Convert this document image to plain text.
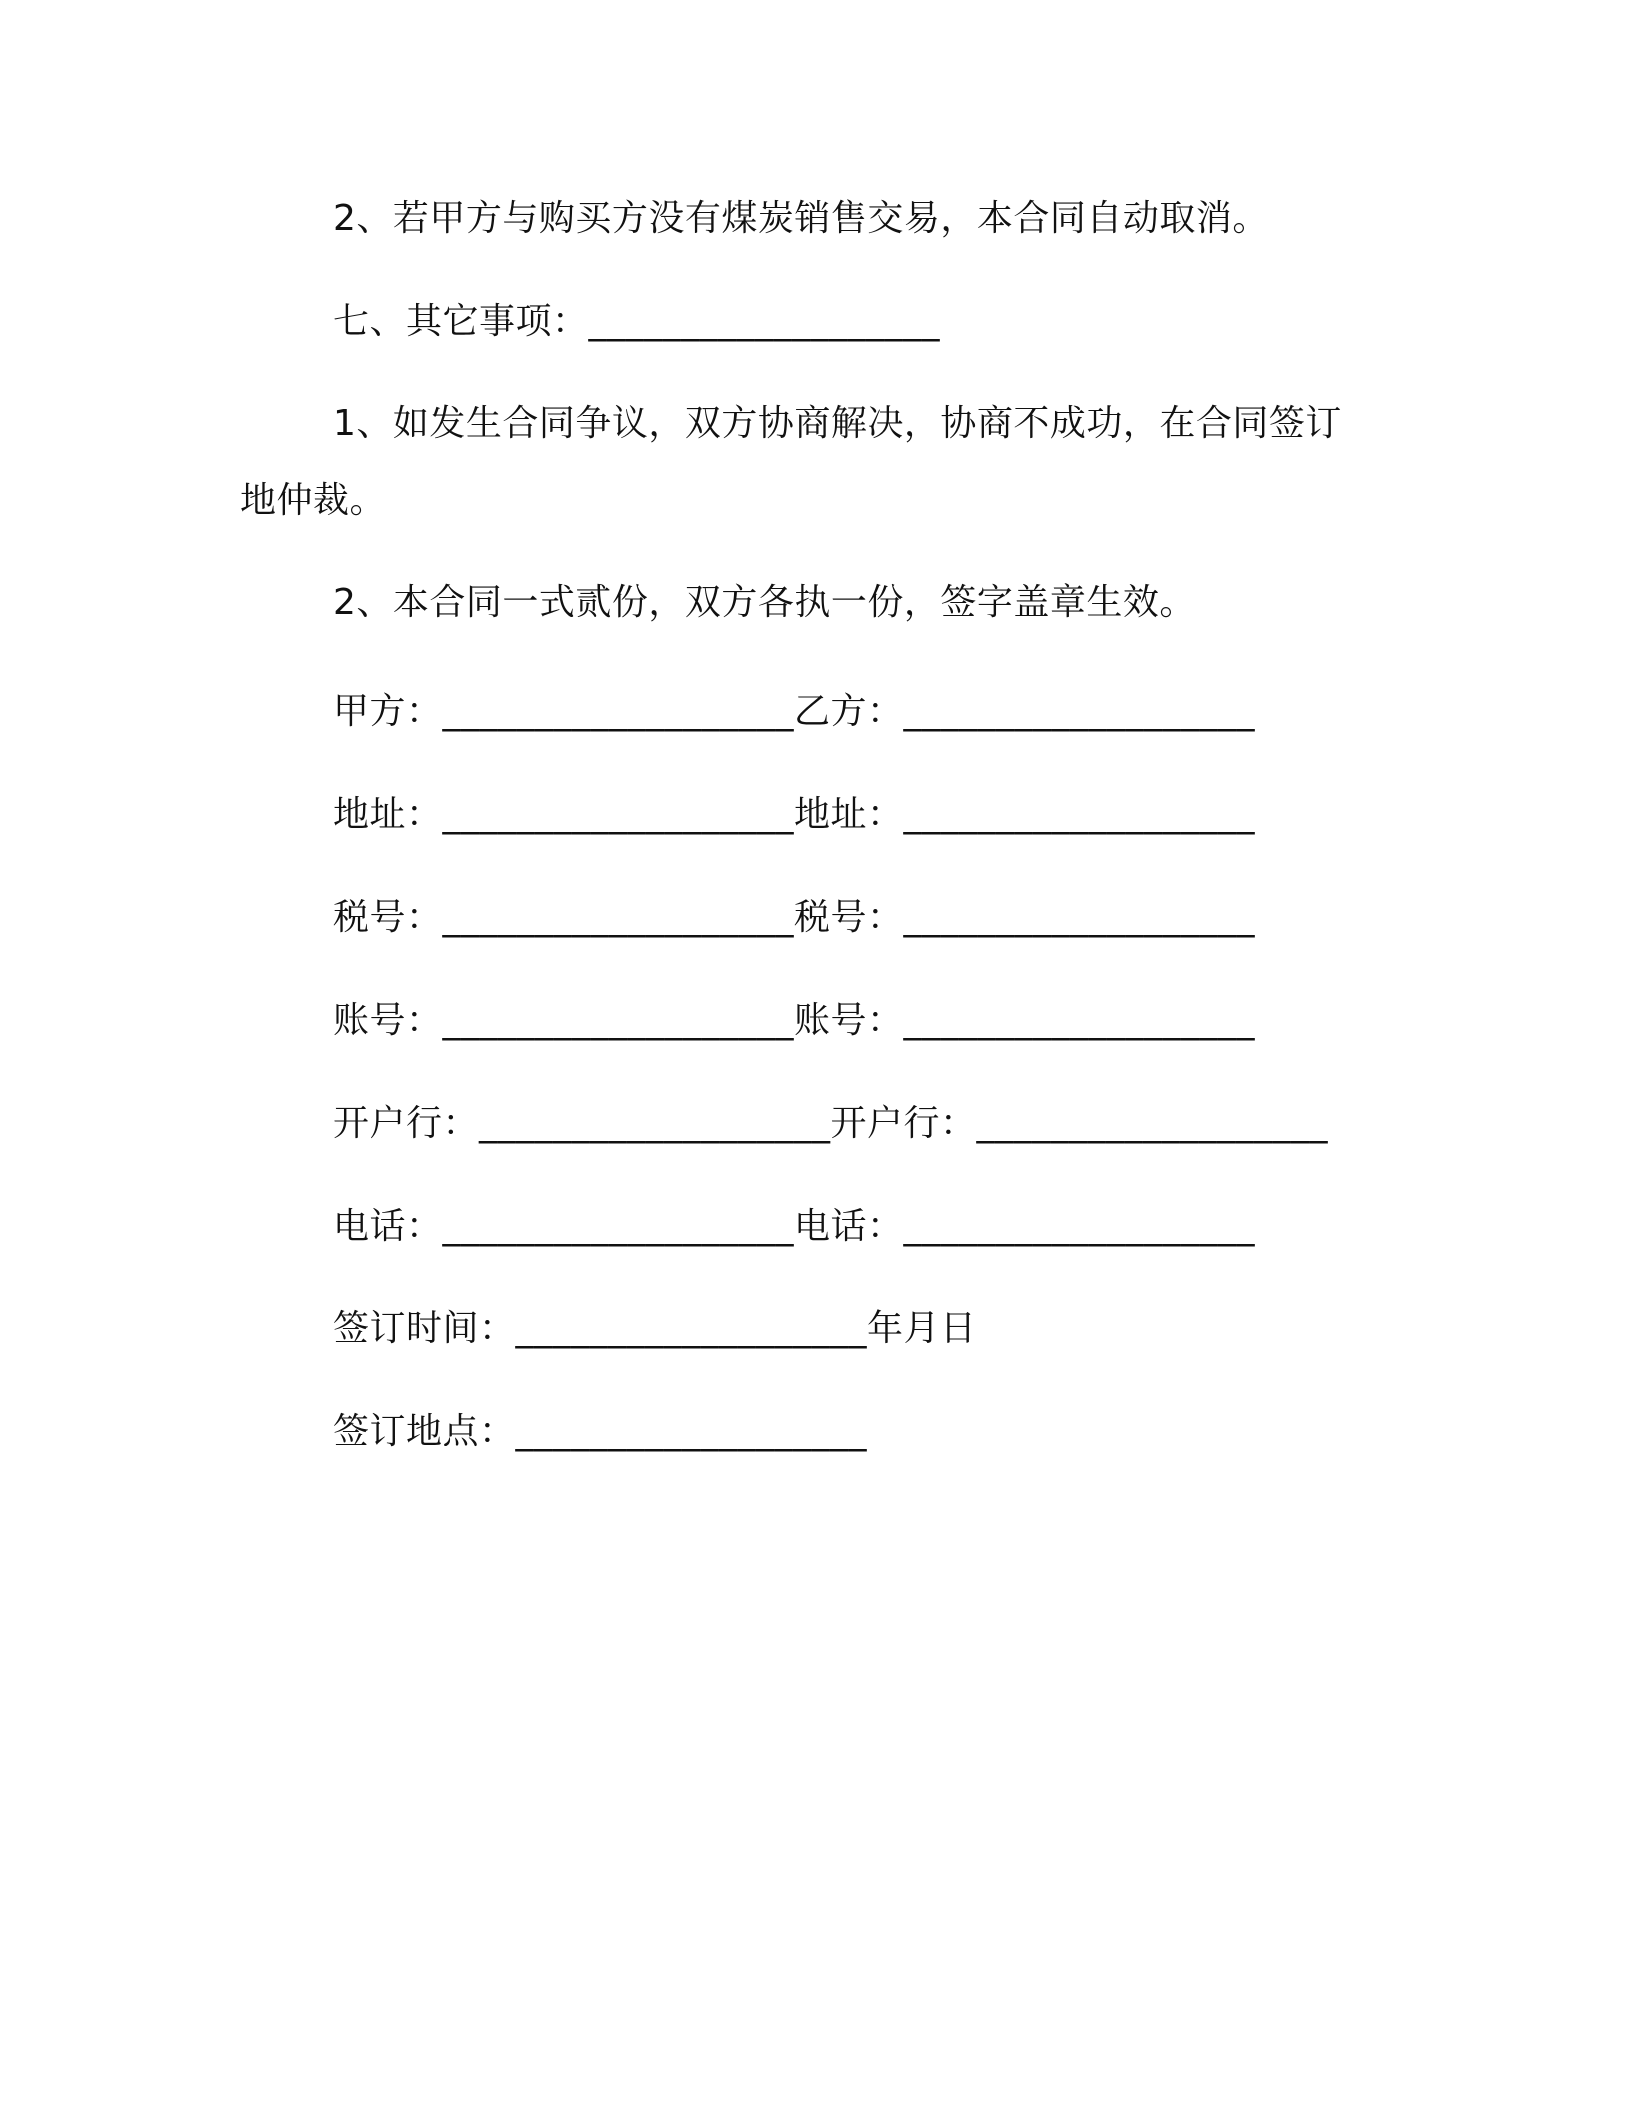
2、若甲方与购买方没有煤炭销售交易，本合同自动取消。
七、其它事项：___________________
1、如发生合同争议，双方协商解决，协商不成功，在合同签订
地仲裁。
2、本合同一式贰份，双方各执一份，签字盖章生效。
甲方：___________________乙方：___________________
地址：___________________地址：___________________
税号：___________________税号：___________________
账号：___________________账号：___________________
开户行：___________________开户行：___________________
电话：___________________电话：___________________
签订时间：___________________年月日
签订地点：___________________
